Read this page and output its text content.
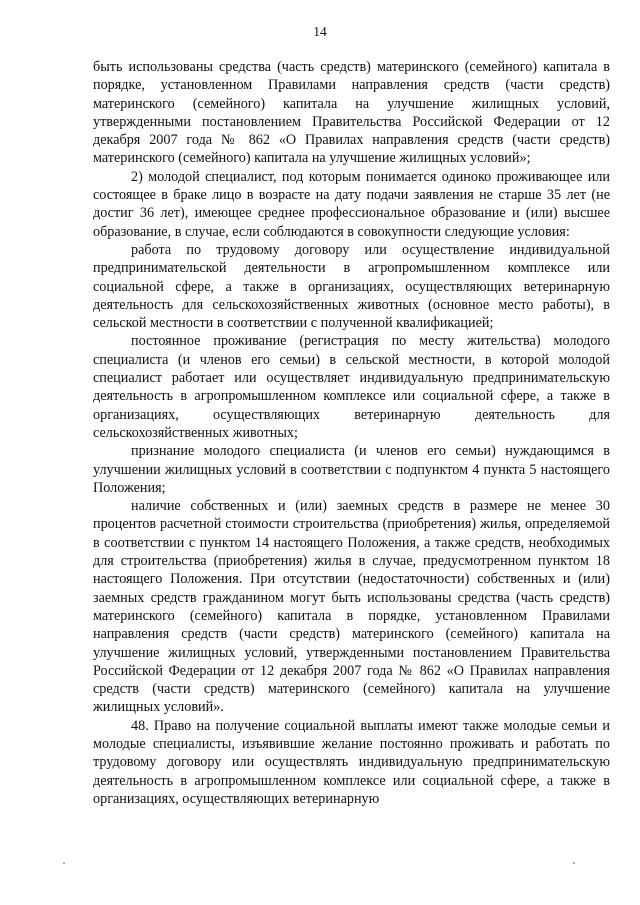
14

быть использованы средства (часть средств) материнского (семейного) капитала в порядке, установленном Правилами направления средств (части средств) материнского (семейного) капитала на улучшение жилищных условий, утвержденными постановлением Правительства Российской Федерации от 12 декабря 2007 года № 862 «О Правилах направления средств (части средств) материнского (семейного) капитала на улучшение жилищных условий»;

2) молодой специалист, под которым понимается одиноко проживающее или состоящее в браке лицо в возрасте на дату подачи заявления не старше 35 лет (не достиг 36 лет), имеющее среднее профессиональное образование и (или) высшее образование, в случае, если соблюдаются в совокупности следующие условия:

работа по трудовому договору или осуществление индивидуальной предпринимательской деятельности в агропромышленном комплексе или социальной сфере, а также в организациях, осуществляющих ветеринарную деятельность для сельскохозяйственных животных (основное место работы), в сельской местности в соответствии с полученной квалификацией;

постоянное проживание (регистрация по месту жительства) молодого специалиста (и членов его семьи) в сельской местности, в которой молодой специалист работает или осуществляет индивидуальную предпринимательскую деятельность в агропромышленном комплексе или социальной сфере, а также в организациях, осуществляющих ветеринарную деятельность для сельскохозяйственных животных;

признание молодого специалиста (и членов его семьи) нуждающимся в улучшении жилищных условий в соответствии с подпунктом 4 пункта 5 настоящего Положения;

наличие собственных и (или) заемных средств в размере не менее 30 процентов расчетной стоимости строительства (приобретения) жилья, определяемой в соответствии с пунктом 14 настоящего Положения, а также средств, необходимых для строительства (приобретения) жилья в случае, предусмотренном пунктом 18 настоящего Положения. При отсутствии (недостаточности) собственных и (или) заемных средств гражданином могут быть использованы средства (часть средств) материнского (семейного) капитала в порядке, установленном Правилами направления средств (части средств) материнского (семейного) капитала на улучшение жилищных условий, утвержденными постановлением Правительства Российской Федерации от 12 декабря 2007 года № 862 «О Правилах направления средств (части средств) материнского (семейного) капитала на улучшение жилищных условий».

48. Право на получение социальной выплаты имеют также молодые семьи и молодые специалисты, изъявившие желание постоянно проживать и работать по трудовому договору или осуществлять индивидуальную предпринимательскую деятельность в агропромышленном комплексе или социальной сфере, а также в организациях, осуществляющих ветеринарную
